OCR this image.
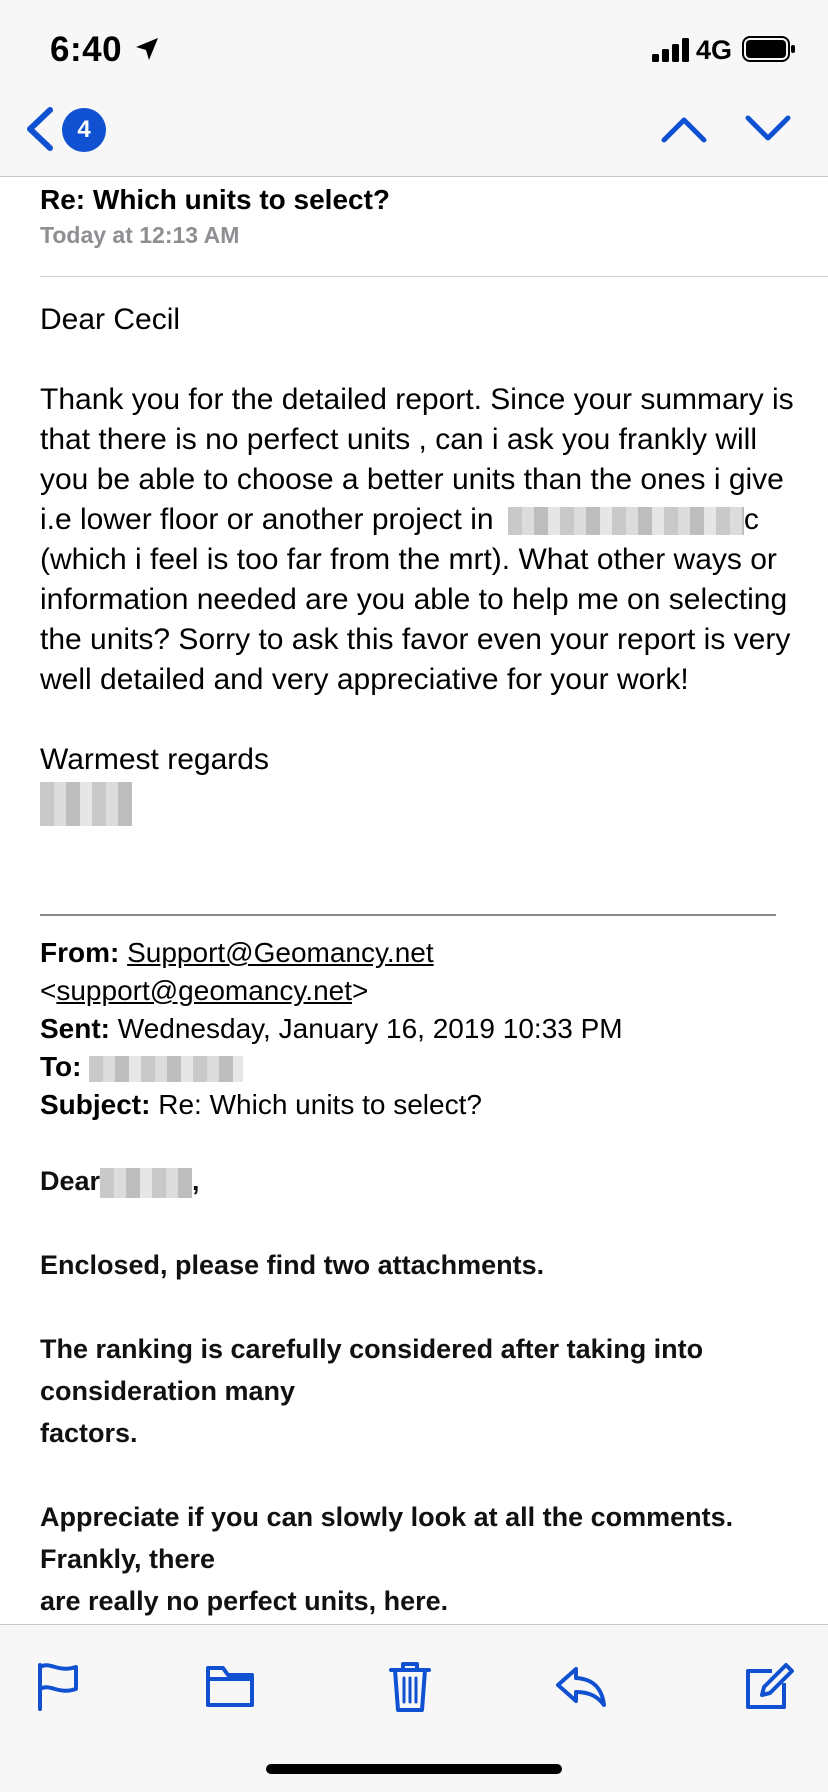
6:40	4G
4
Re: Which units to select?
Today at 12:13 AM

Dear Cecil

Thank you for the detailed report. Since your summary is that there is no perfect units , can i ask you frankly will you be able to choose a better units than the ones i give i.e lower floor or another project in	c (which i feel is too far from the mrt). What other ways or information needed are you able to help me on selecting the units? Sorry to ask this favor even your report is very well detailed and very appreciative for your work!

Warmest regards
From: Support@Geomancy.net
<support@geomancy.net>
Sent: Wednesday, January 16, 2019 10:33 PM
To:
Subject: Re: Which units to select?

Dear	,

Enclosed, please find two attachments.

The ranking is carefully considered after taking into consideration many
factors.

Appreciate if you can slowly look at all the comments. Frankly, there
are really no perfect units, here.
